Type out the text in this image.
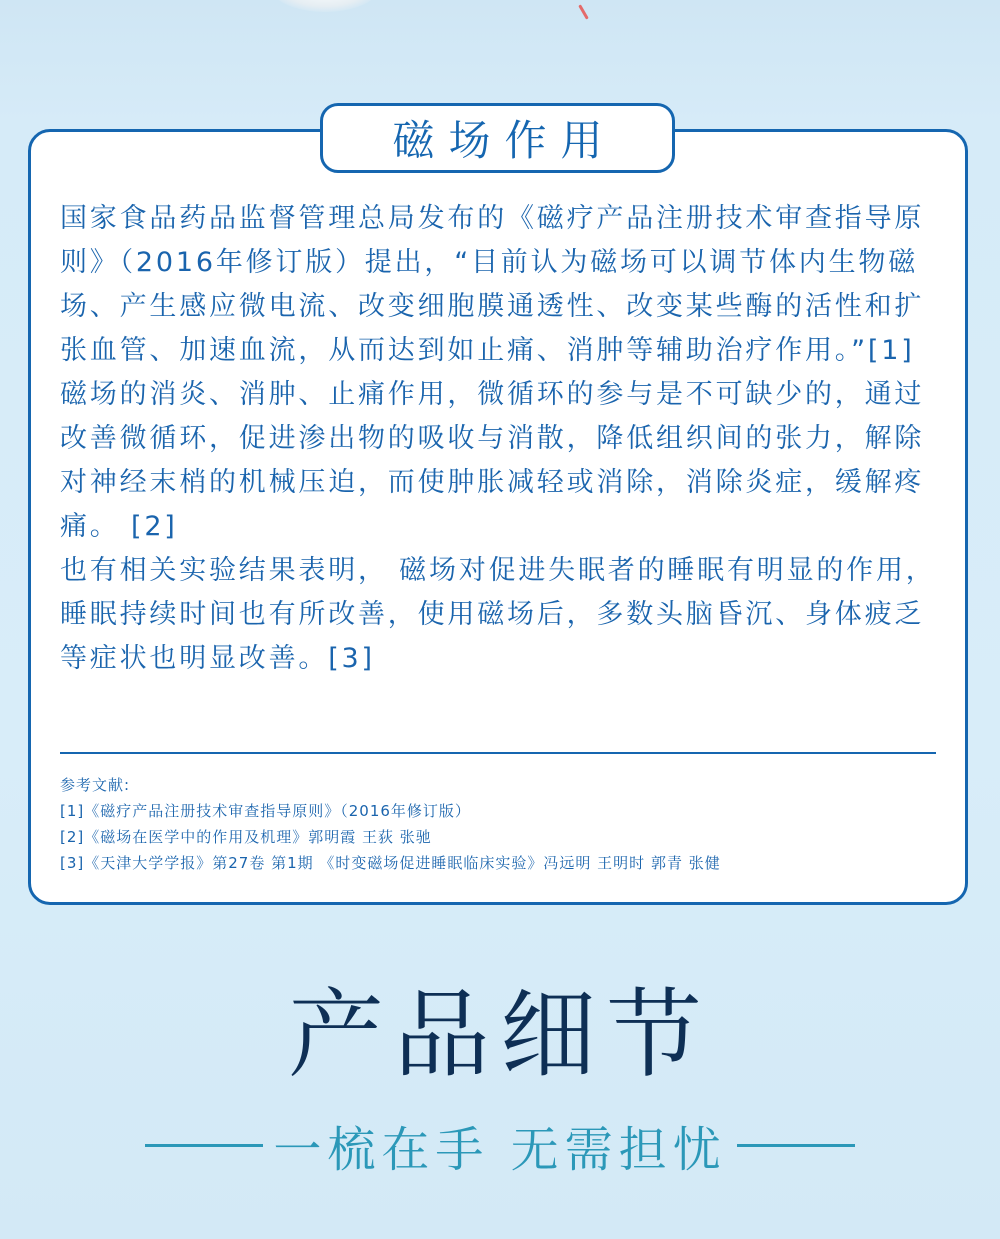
磁场作用

国家食品药品监督管理总局发布的《磁疗产品注册技术审查指导原则》（2016年修订版）提出，“目前认为磁场可以调节体内生物磁场、产生感应微电流、改变细胞膜通透性、改变某些酶的活性和扩张血管、加速血流，从而达到如止痛、消肿等辅助治疗作用。”[1]

磁场的消炎、消肿、止痛作用，微循环的参与是不可缺少的，通过改善微循环，促进渗出物的吸收与消散，降低组织间的张力，解除对神经末梢的机械压迫，而使肿胀减轻或消除，消除炎症，缓解疼痛。 [2]

也有相关实验结果表明， 磁场对促进失眠者的睡眠有明显的作用，睡眠持续时间也有所改善，使用磁场后，多数头脑昏沉、身体疲乏等症状也明显改善。[3]

参考文献:
[1]《磁疗产品注册技术审查指导原则》（2016年修订版）
[2]《磁场在医学中的作用及机理》郭明霞 王荻 张驰
[3]《天津大学学报》第27卷 第1期 《时变磁场促进睡眠临床实验》冯远明 王明时 郭青 张健
产品细节
一梳在手 无需担忧
